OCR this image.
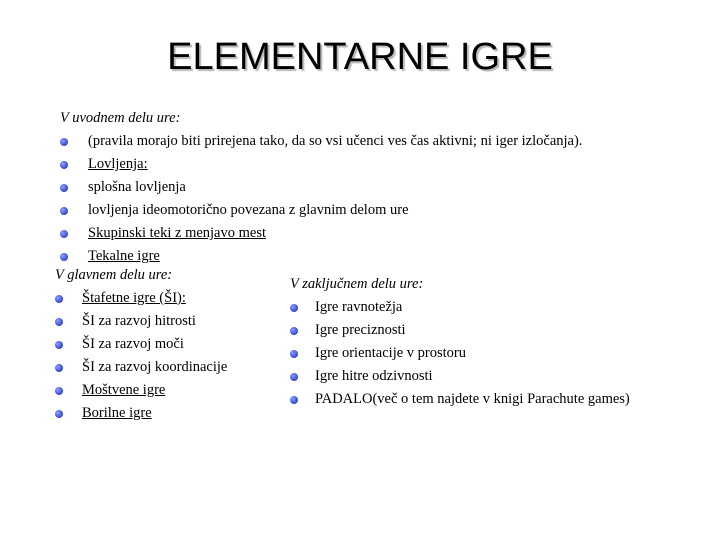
ELEMENTARNE IGRE
V uvodnem delu ure:
(pravila morajo biti prirejena tako, da so vsi učenci ves čas aktivni; ni iger izločanja).
Lovljenja:
splošna lovljenja
lovljenja ideomotorično povezana z glavnim delom ure
Skupinski teki z menjavo mest
Tekalne igre
V glavnem delu ure:
Štafetne igre (ŠI):
ŠI za razvoj hitrosti
ŠI za razvoj moči
ŠI za razvoj koordinacije
Moštvene igre
Borilne igre
V zaključnem delu ure:
Igre ravnotežja
Igre preciznosti
Igre orientacije v prostoru
Igre hitre odzivnosti
PADALO(več o tem najdete v knigi Parachute games)
